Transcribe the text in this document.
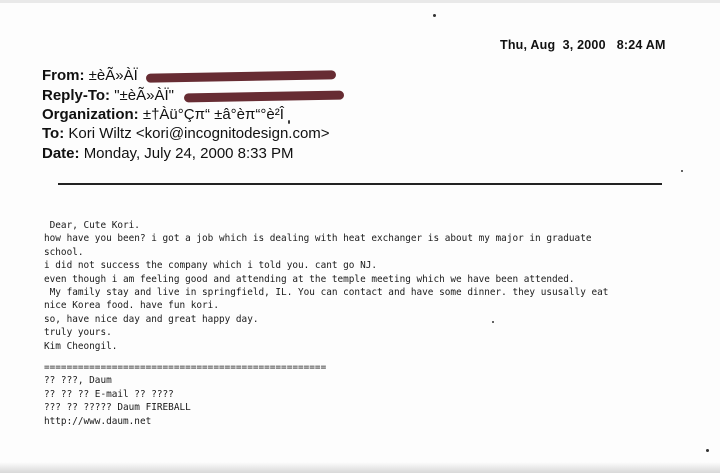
Thu, Aug  3, 2000   8:24 AM
From: ±èÃ»ÀÏ
Reply-To: "±èÃ»ÀÏ"
Organization: ±†Àü°Çπ“ ±â°èπ“°è²Î
To: Kori Wiltz <kori@incognitodesign.com>
Date: Monday, July 24, 2000 8:33 PM
Dear, Cute Kori.
how have you been? i got a job which is dealing with heat exchanger is about my major in graduate
school.
i did not success the company which i told you. cant go NJ.
even though i am feeling good and attending at the temple meeting which we have been attended.
My family stay and live in springfield, IL. You can contact and have some dinner. they ususally eat
nice Korea food. have fun kori.
so, have nice day and great happy day.
truly yours.
Kim Cheongil.
==================================================
?? ???, Daum
?? ?? ?? E-mail ?? ????
??? ?? ????? Daum FIREBALL
http://www.daum.net
